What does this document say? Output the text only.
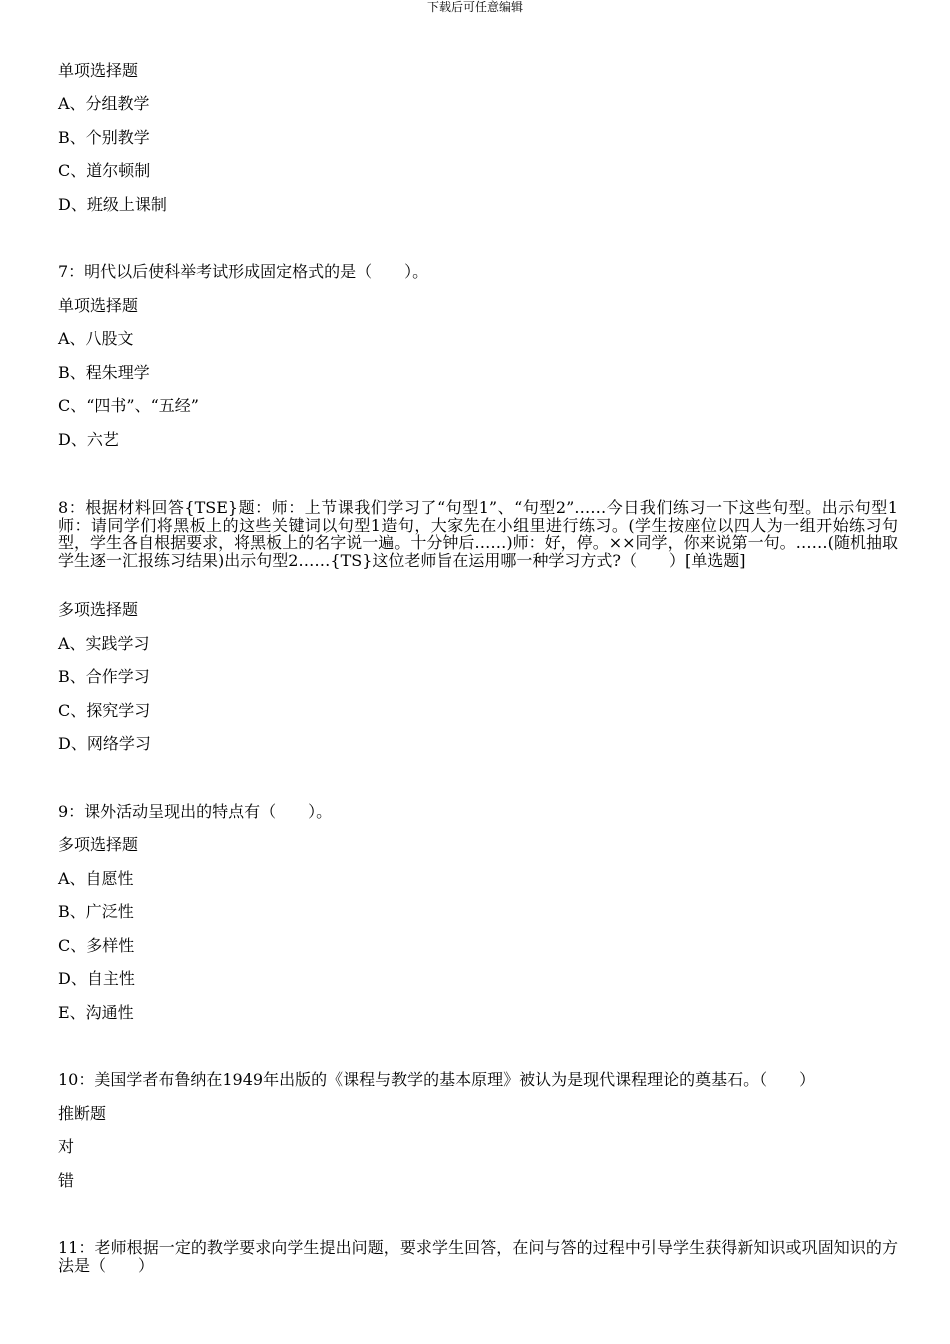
下载后可任意编辑
单项选择题
A、分组教学
B、个别教学
C、道尔顿制
D、班级上课制
7：明代以后使科举考试形成固定格式的是（　　）。
单项选择题
A、八股文
B、程朱理学
C、“四书”、“五经”
D、六艺
8：根据材料回答{TSE}题：师：上节课我们学习了“句型1”、“句型2”……今日我们练习一下这些句型。出示句型1师：请同学们将黑板上的这些关键词以句型1造句，大家先在小组里进行练习。(学生按座位以四人为一组开始练习句型，学生各自根据要求，将黑板上的名字说一遍。十分钟后……)师：好，停。××同学，你来说第一句。……(随机抽取学生逐一汇报练习结果)出示句型2……{TS}这位老师旨在运用哪一种学习方式?（　　）[单选题]
多项选择题
A、实践学习
B、合作学习
C、探究学习
D、网络学习
9：课外活动呈现出的特点有（　　）。
多项选择题
A、自愿性
B、广泛性
C、多样性
D、自主性
E、沟通性
10：美国学者布鲁纳在1949年出版的《课程与教学的基本原理》被认为是现代课程理论的奠基石。（　　）
推断题
对
错
11：老师根据一定的教学要求向学生提出问题，要求学生回答，在问与答的过程中引导学生获得新知识或巩固知识的方法是（　　）
